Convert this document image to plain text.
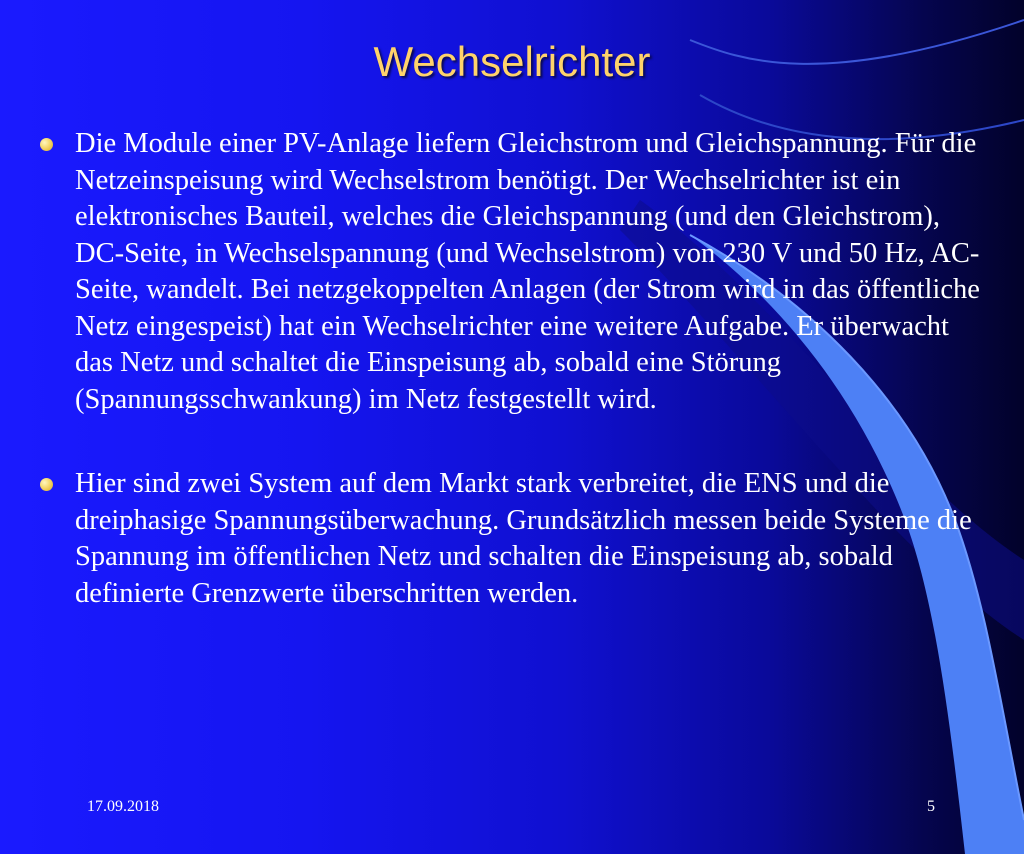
Wechselrichter
Die Module einer PV-Anlage liefern Gleichstrom und Gleichspannung. Für die Netzeinspeisung wird Wechselstrom benötigt. Der Wechselrichter ist ein elektronisches Bauteil, welches die Gleichspannung (und den Gleichstrom), DC-Seite, in Wechselspannung (und Wechselstrom) von 230 V und 50 Hz, AC-Seite, wandelt. Bei netzgekoppelten Anlagen (der Strom wird in das öffentliche Netz eingespeist) hat ein Wechselrichter eine weitere Aufgabe. Er überwacht das Netz und schaltet die Einspeisung ab, sobald eine Störung (Spannungsschwankung) im Netz festgestellt wird.
Hier sind zwei System auf dem Markt stark verbreitet, die ENS und die dreiphasige Spannungsüberwachung. Grundsätzlich messen beide Systeme die Spannung im öffentlichen Netz und schalten die Einspeisung ab, sobald definierte Grenzwerte überschritten werden.
17.09.2018	5
